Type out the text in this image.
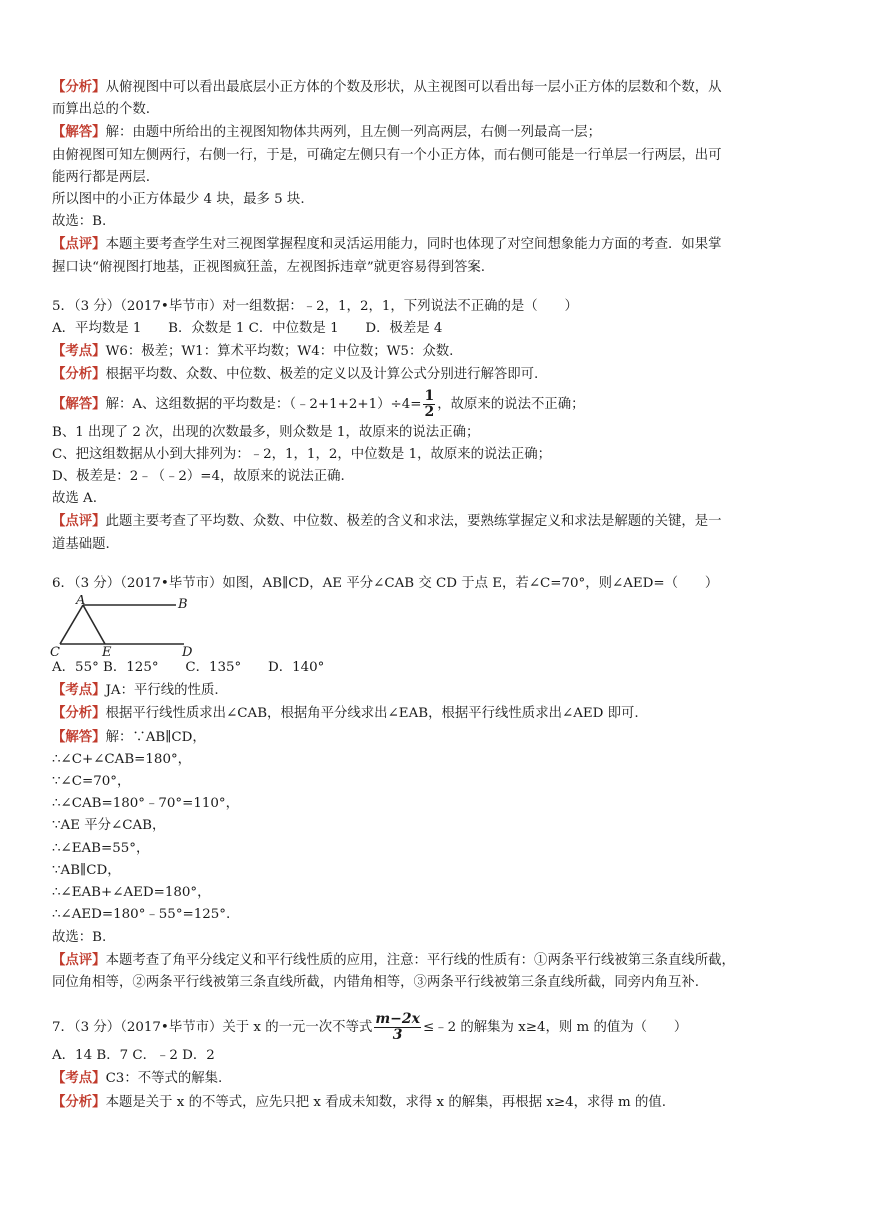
【分析】从俯视图中可以看出最底层小正方体的个数及形状，从主视图可以看出每一层小正方体的层数和个数，从
而算出总的个数.
【解答】解：由题中所给出的主视图知物体共两列，且左侧一列高两层，右侧一列最高一层；
由俯视图可知左侧两行，右侧一行，于是，可确定左侧只有一个小正方体，而右侧可能是一行单层一行两层，出可
能两行都是两层.
所以图中的小正方体最少 4 块，最多 5 块.
故选：B.
【点评】本题主要考查学生对三视图掌握程度和灵活运用能力，同时也体现了对空间想象能力方面的考查．如果掌
握口诀“俯视图打地基，正视图疯狂盖，左视图拆违章”就更容易得到答案.
5．（3 分）（2017•毕节市）对一组数据：﹣2，1，2，1，下列说法不正确的是（　　）
A．平均数是 1　　B．众数是 1 C．中位数是 1　　D．极差是 4
【考点】W6：极差；W1：算术平均数；W4：中位数；W5：众数.
【分析】根据平均数、众数、中位数、极差的定义以及计算公式分别进行解答即可.
【解答】解：A、这组数据的平均数是：（﹣2+1+2+1）÷4= $\frac{1}{2}$ ，故原来的说法不正确；
B、1 出现了 2 次，出现的次数最多，则众数是 1，故原来的说法正确；
C、把这组数据从小到大排列为：﹣2，1，1，2，中位数是 1，故原来的说法正确；
D、极差是：2﹣（﹣2）=4，故原来的说法正确.
故选 A.
【点评】此题主要考查了平均数、众数、中位数、极差的含义和求法，要熟练掌握定义和求法是解题的关键，是一
道基础题.
6．（3 分）（2017•毕节市）如图，AB∥CD，AE 平分∠CAB 交 CD 于点 E，若∠C=70°，则∠AED=（　　）
A	B
C	E	D
A．55° B．125°　　C．135°　　D．140°
【考点】JA：平行线的性质.
【分析】根据平行线性质求出∠CAB，根据角平分线求出∠EAB，根据平行线性质求出∠AED 即可.
【解答】解：∵AB∥CD，
∴∠C+∠CAB=180°，
∵∠C=70°，
∴∠CAB=180°﹣70°=110°，
∵AE 平分∠CAB，
∴∠EAB=55°，
∵AB∥CD，
∴∠EAB+∠AED=180°，
∴∠AED=180°﹣55°=125°.
故选：B.
【点评】本题考查了角平分线定义和平行线性质的应用，注意：平行线的性质有：①两条平行线被第三条直线所截，
同位角相等，②两条平行线被第三条直线所截，内错角相等，③两条平行线被第三条直线所截，同旁内角互补.
7．（3 分）（2017•毕节市）关于 x 的一元一次不等式 $\frac{m-2x}{3}$ ≤﹣2 的解集为 x≥4，则 m 的值为（　　）
A．14 B．7 C．﹣2 D．2
【考点】C3：不等式的解集.
【分析】本题是关于 x 的不等式，应先只把 x 看成未知数，求得 x 的解集，再根据 x≥4，求得 m 的值.
